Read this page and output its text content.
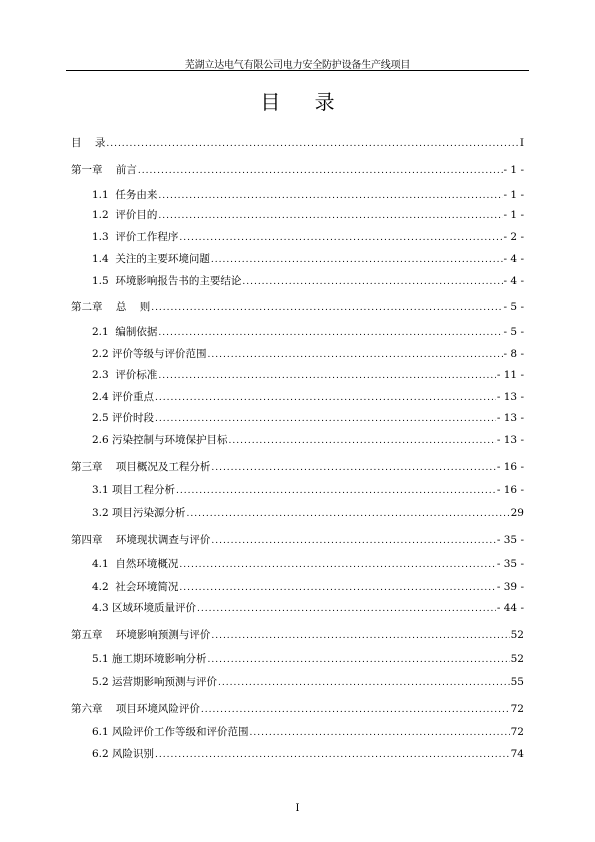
芜湖立达电气有限公司电力安全防护设备生产线项目
目 录
目    录 .....	I
第一章    前言 .....	- 1 -
1.1  任务由来 .....	- 1 -
1.2  评价目的 .....	- 1 -
1.3  评价工作程序 .....	- 2 -
1.4  关注的主要环境问题 .....	- 4 -
1.5  环境影响报告书的主要结论 .....	- 4 -
第二章    总    则 .....	- 5 -
2.1  编制依据 .....	- 5 -
2.2 评价等级与评价范围 .....	- 8 -
2.3  评价标准 .....	- 11 -
2.4 评价重点 .....	- 13 -
2.5 评价时段 .....	- 13 -
2.6 污染控制与环境保护目标 .....	- 13 -
第三章    项目概况及工程分析 .....	- 16 -
3.1 项目工程分析 .....	- 16 -
3.2 项目污染源分析 .....	29
第四章    环境现状调查与评价 .....	- 35 -
4.1  自然环境概况 .....	- 35 -
4.2  社会环境简况 .....	- 39 -
4.3 区域环境质量评价 .....	- 44 -
第五章    环境影响预测与评价 .....	52
5.1 施工期环境影响分析 .....	52
5.2 运营期影响预测与评价 .....	55
第六章    项目环境风险评价 .....	72
6.1 风险评价工作等级和评价范围 .....	72
6.2 风险识别 .....	74
I
